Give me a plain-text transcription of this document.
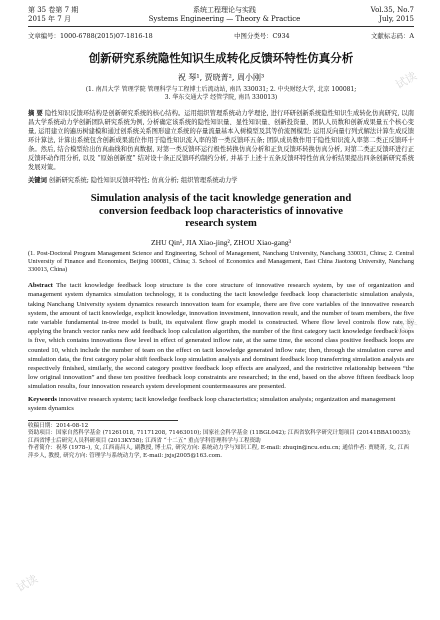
第 35 卷第 7 期
2015 年 7 月
系统工程理论与实践
Systems Engineering — Theory & Practice
Vol.35, No.7
July, 2015
文章编号：1000-6788(2015)07-1816-18	中图分类号：C934	文献标志码：A
创新研究系统隐性知识生成转化反馈环特性仿真分析
祝 琴¹, 贾晓菁², 周小刚³
(1. 南昌大学 管理学院 管理科学与工程博士后流动站, 南昌 330031; 2. 中央财经大学, 北京 100081;
3. 华东交通大学 经管学院, 南昌 330013)
摘 要 隐性知识反馈环结构是创新研究系统的核心结构。运用组织管理系统动力学理论, 进行环研创新系统隐性知识生成转化仿真研究, 以南昌大学系统动力学创新团队研究系统为例, 分析确定该系统的隐性知识量、显性知识量、创新投资量、团队人员数和创新成果量五个核心变量, 运用建立的遍历树建模和通过创系统关系图形建立系统的存量流量基本入树模型及其等价流图模型; 运用反向量行列式解法计算生成反馈环计算法, 计算出系统包含创新成果流位作用于隐性知识流入率的第一类反馈环五条; 团队成员数作用于隐性知识流入率第二类正反馈环十条。然后, 结合模型给出仿真曲线和仿真数据, 对第一类反馈环运行极性转换仿真分析和正负反馈环转换仿真分析, 对第二类正反馈环进行正反馈环动作用分析, 以及 “原始创新度” 结对设十条正反馈环约制约分析, 并基于上述十五条反馈环特性仿真分析结果提出四条创新研究系统发展对策。
关键词 创新研究系统; 隐性知识反馈环特性; 仿真分析; 组织管理系统动力学
Simulation analysis of the tacit knowledge generation and
conversion feedback loop characteristics of innovative
research system
ZHU Qin¹, JIA Xiao-jing², ZHOU Xiao-gang³
(1. Post-Doctoral Program Management Science and Engineering, School of Management, Nanchang University, Nanchang 330031, China; 2. Central University of Finance and Economics, Beijing 100081, China; 3. School of Economics and Management, East China Jiaotong University, Nanchang 330013, China)
Abstract The tacit knowledge feedback loop structure is the core structure of innovative research system, by use of organization and management system dynamics simulation technology, it is conducting the tacit knowledge feedback loop characteristic simulation analysis, taking Nanchang University system dynamics research innovation team for example, there are five core variables of the innovative research system, the amount of tacit knowledge, explicit knowledge, innovation investment, innovation result, and the number of team members, the five rate variable fundamental in-tree model is built, its equivalent flow graph model is constructed. Where flow level controls flow rate, by applying the branch vector ranks new add feedback loop calculation algorithm, the number of the first category tacit knowledge feedback loops is five, which contains innovations flow level in effect of generated inflow rate, at the same time, the second class positive feedback loops are counted 10, which include the number of team on the effect on tacit knowledge generated inflow rate; then, through the simulation curve and simulation data, the first category polar shift feedback loop simulation analysis and dominant feedback loop transferring simulation analysis are respectively finished, similarly, the second category positive feedback loop effects are analyzed, and the restrictive relationship between “the low original innovation” and these ten positive feedback loop constraints are researched; in the end, based on the above fifteen feedback loop simulation results, four innovation research system development countermeasures are presented.
Keywords innovative research system; tacit knowledge feedback loop characteristics; simulation analysis; organization and management system dynamics
收稿日期：2014-08-12
资助项目：国家自然科学基金 (71261018, 71171208, 71463010); 国家社会科学基金 (11BGL042); 江西省软科学研究计划项目 (20141BBA10035); 江西省博士后研究人员科研项目 (2013KY58); 江西省 “十二五” 重点学科管理科学与工程资助
作者简介：祝琴 (1978–), 女, 江西南昌人, 副教授, 博士后, 研究方向: 系统动力学与知识工程, E-mail: zhuqin@ncu.edu.cn; 通信作者: 贾晓菁, 女, 江西萍乡人, 教授, 研究方向: 管理学与系统动力学, E-mail: jxjsj2005@163.com.
试读
试读
试读
